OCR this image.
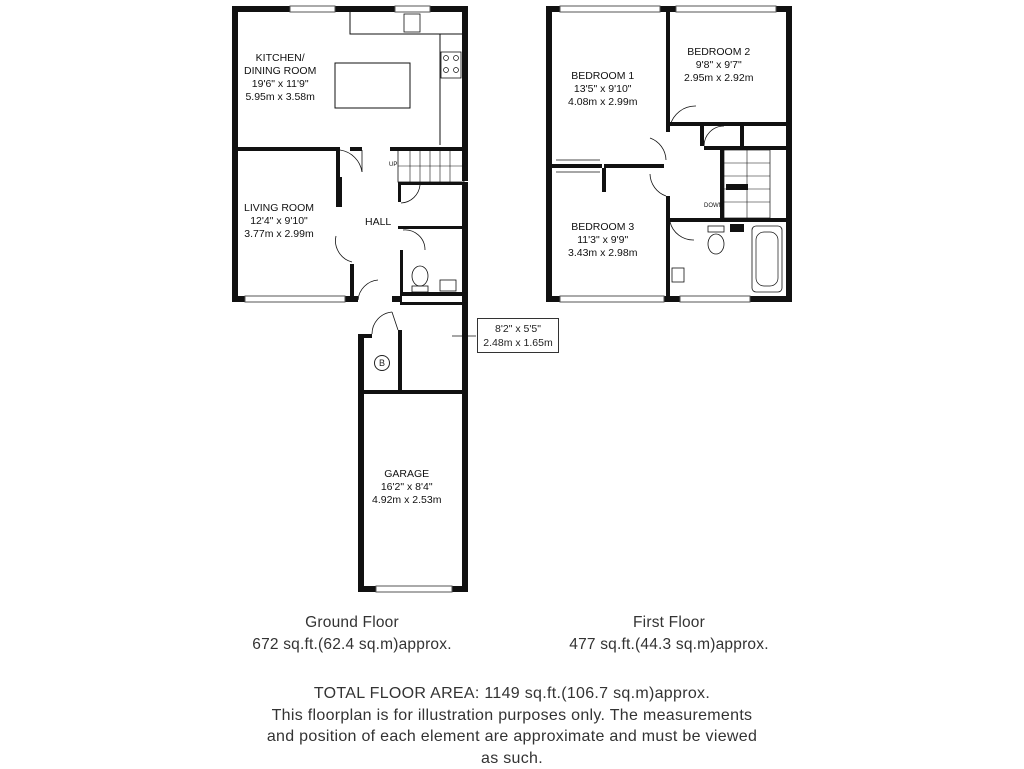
KITCHEN/
DINING ROOM
19'6" x 11'9"
5.95m x 3.58m
LIVING ROOM
12'4" x 9'10"
3.77m x 2.99m
HALL
UP
8'2" x 5'5"
2.48m x 1.65m
B
GARAGE
16'2" x 8'4"
4.92m x 2.53m
BEDROOM 1
13'5" x 9'10"
4.08m x 2.99m
BEDROOM 2
9'8" x 9'7"
2.95m x 2.92m
BEDROOM 3
11'3" x 9'9"
3.43m x 2.98m
DOWN
Ground Floor
672 sq.ft.(62.4 sq.m)approx.
First Floor
477 sq.ft.(44.3 sq.m)approx.
TOTAL FLOOR AREA: 1149 sq.ft.(106.7 sq.m)approx.
This floorplan is for illustration purposes only. The measurements
and position of each element are approximate and must be viewed
as such.
